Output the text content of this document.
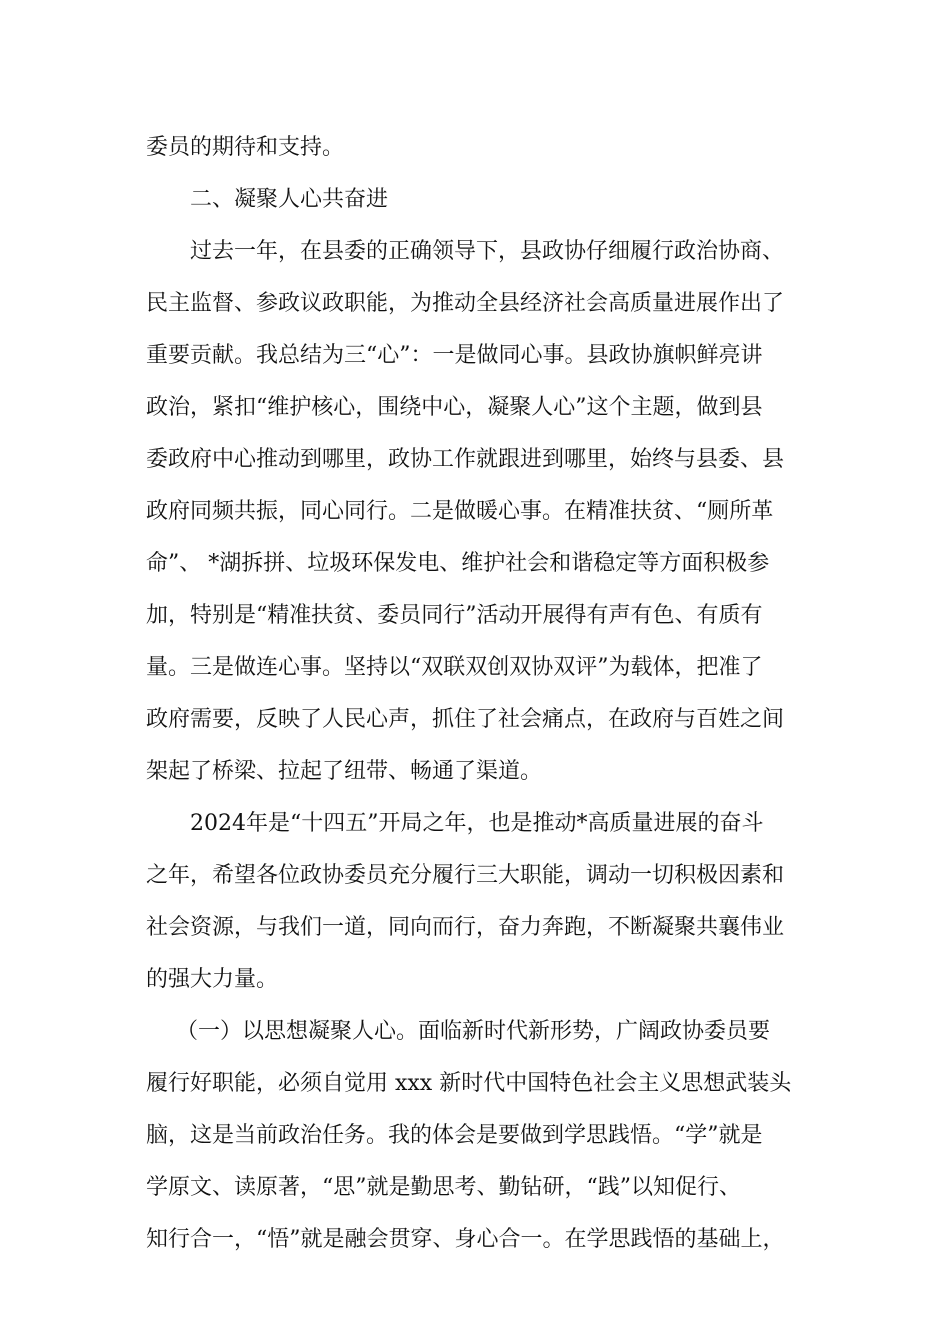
委员的期待和支持。
二、凝聚人心共奋进
过去一年，在县委的正确领导下，县政协仔细履行政治协商、
民主监督、参政议政职能，为推动全县经济社会高质量进展作出了
重要贡献。我总结为三“心”：一是做同心事。县政协旗帜鲜亮讲
政治，紧扣“维护核心，围绕中心，凝聚人心”这个主题，做到县
委政府中心推动到哪里，政协工作就跟进到哪里，始终与县委、县
政府同频共振，同心同行。二是做暖心事。在精准扶贫、“厕所革
命”、 *湖拆拼、垃圾环保发电、维护社会和谐稳定等方面积极参
加，特别是“精准扶贫、委员同行”活动开展得有声有色、有质有
量。三是做连心事。坚持以“双联双创双协双评”为载体，把准了
政府需要，反映了人民心声，抓住了社会痛点，在政府与百姓之间
架起了桥梁、拉起了纽带、畅通了渠道。
2024年是“十四五”开局之年，也是推动*高质量进展的奋斗
之年，希望各位政协委员充分履行三大职能，调动一切积极因素和
社会资源，与我们一道，同向而行，奋力奔跑，不断凝聚共襄伟业
的强大力量。
（一）以思想凝聚人心。面临新时代新形势，广阔政协委员要
履行好职能，必须自觉用 xxx 新时代中国特色社会主义思想武装头
脑，这是当前政治任务。我的体会是要做到学思践悟。“学”就是
学原文、读原著，“思”就是勤思考、勤钻研，“践”以知促行、
知行合一，“悟”就是融会贯穿、身心合一。在学思践悟的基础上，
